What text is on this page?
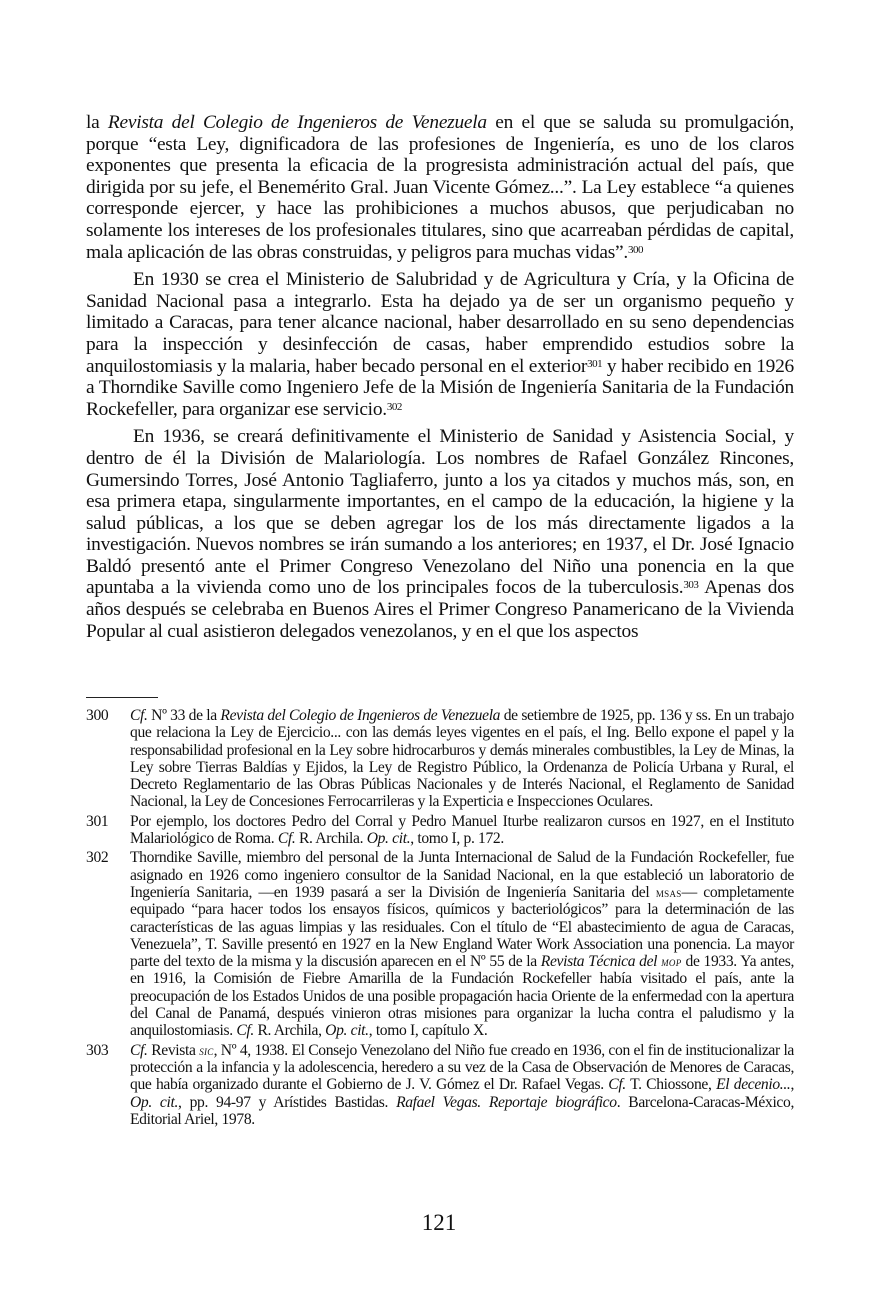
la Revista del Colegio de Ingenieros de Venezuela en el que se saluda su promulgación, porque “esta Ley, dignificadora de las profesiones de Ingeniería, es uno de los claros exponentes que presenta la eficacia de la progresista administración actual del país, que dirigida por su jefe, el Benemérito Gral. Juan Vicente Gómez...”. La Ley establece “a quienes corresponde ejercer, y hace las prohibiciones a muchos abusos, que perjudicaban no solamente los intereses de los profesionales titulares, sino que acarreaban pérdidas de capital, mala aplicación de las obras construidas, y peligros para muchas vidas”.$^{300}$

En 1930 se crea el Ministerio de Salubridad y de Agricultura y Cría, y la Oficina de Sanidad Nacional pasa a integrarlo. Esta ha dejado ya de ser un organismo pequeño y limitado a Caracas, para tener alcance nacional, haber desarrollado en su seno dependencias para la inspección y desinfección de casas, haber emprendido estudios sobre la anquilostomiasis y la malaria, haber becado personal en el exterior$^{301}$ y haber recibido en 1926 a Thorndike Saville como Ingeniero Jefe de la Misión de Ingeniería Sanitaria de la Fundación Rockefeller, para organizar ese servicio.$^{302}$

En 1936, se creará definitivamente el Ministerio de Sanidad y Asistencia Social, y dentro de él la División de Malariología. Los nombres de Rafael González Rincones, Gumersindo Torres, José Antonio Tagliaferro, junto a los ya citados y muchos más, son, en esa primera etapa, singularmente importantes, en el campo de la educación, la higiene y la salud públicas, a los que se deben agregar los de los más directamente ligados a la investigación. Nuevos nombres se irán sumando a los anteriores; en 1937, el Dr. José Ignacio Baldó presentó ante el Primer Congreso Venezolano del Niño una ponencia en la que apuntaba a la vivienda como uno de los principales focos de la tuberculosis.$^{303}$ Apenas dos años después se celebraba en Buenos Aires el Primer Congreso Panamericano de la Vivienda Popular al cual asistieron delegados venezolanos, y en el que los aspectos

300	Cf. Nº 33 de la Revista del Colegio de Ingenieros de Venezuela de setiembre de 1925, pp. 136 y ss. En un trabajo que relaciona la Ley de Ejercicio... con las demás leyes vigentes en el país, el Ing. Bello expone el papel y la responsabilidad profesional en la Ley sobre hidrocarburos y demás minerales combustibles, la Ley de Minas, la Ley sobre Tierras Baldías y Ejidos, la Ley de Registro Público, la Ordenanza de Policía Urbana y Rural, el Decreto Reglamentario de las Obras Públicas Nacionales y de Interés Nacional, el Reglamento de Sanidad Nacional, la Ley de Concesiones Ferrocarrileras y la Experticia e Inspecciones Oculares.
301	Por ejemplo, los doctores Pedro del Corral y Pedro Manuel Iturbe realizaron cursos en 1927, en el Instituto Malariológico de Roma. Cf. R. Archila. Op. cit., tomo I, p. 172.
302	Thorndike Saville, miembro del personal de la Junta Internacional de Salud de la Fundación Rockefeller, fue asignado en 1926 como ingeniero consultor de la Sanidad Nacional, en la que estableció un laboratorio de Ingeniería Sanitaria, —en 1939 pasará a ser la División de Ingeniería Sanitaria del msas— completamente equipado “para hacer todos los ensayos físicos, químicos y bacteriológicos” para la determinación de las características de las aguas limpias y las residuales. Con el título de “El abastecimiento de agua de Caracas, Venezuela”, T. Saville presentó en 1927 en la New England Water Work Association una ponencia. La mayor parte del texto de la misma y la discusión aparecen en el Nº 55 de la Revista Técnica del mop de 1933. Ya antes, en 1916, la Comisión de Fiebre Amarilla de la Fundación Rockefeller había visitado el país, ante la preocupación de los Estados Unidos de una posible propagación hacia Oriente de la enfermedad con la apertura del Canal de Panamá, después vinieron otras misiones para organizar la lucha contra el paludismo y la anquilostomiasis. Cf. R. Archila, Op. cit., tomo I, capítulo X.
303	Cf. Revista sic, Nº 4, 1938. El Consejo Venezolano del Niño fue creado en 1936, con el fin de institucionalizar la protección a la infancia y la adolescencia, heredero a su vez de la Casa de Observación de Menores de Caracas, que había organizado durante el Gobierno de J. V. Gómez el Dr. Rafael Vegas. Cf. T. Chiossone, El decenio..., Op. cit., pp. 94-97 y Arístides Bastidas. Rafael Vegas. Reportaje biográfico. Barcelona-Caracas-México, Editorial Ariel, 1978.
121
